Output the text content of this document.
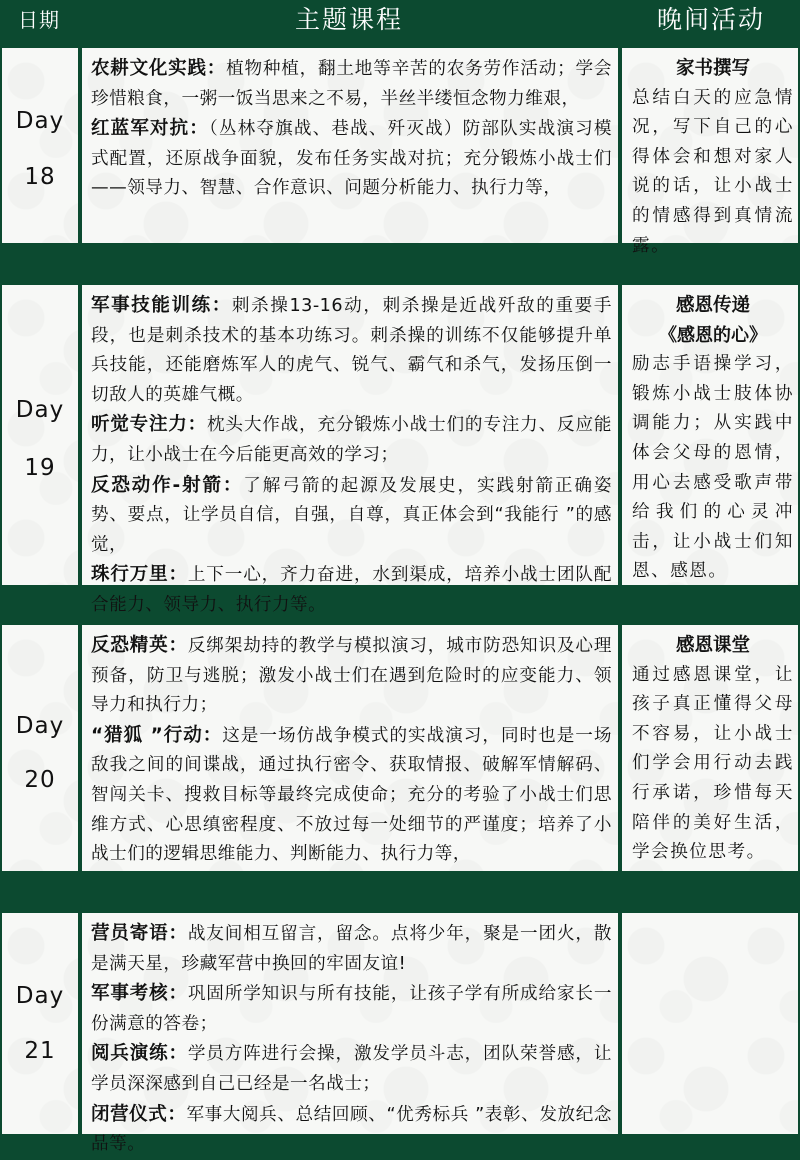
日期	主题课程	晚间活动
Day
18

农耕文化实践：植物种植，翻土地等辛苦的农务劳作活动；学会珍惜粮食，一粥一饭当思来之不易，半丝半缕恒念物力维艰，

红蓝军对抗：（丛林夺旗战、巷战、歼灭战）防部队实战演习模式配置，还原战争面貌，发布任务实战对抗；充分锻炼小战士们——领导力、智慧、合作意识、问题分析能力、执行力等，

家书撰写

总结白天的应急情况，写下自己的心得体会和想对家人说的话，让小战士的情感得到真情流露。

Day
19

军事技能训练：刺杀操13-16动，刺杀操是近战歼敌的重要手段，也是刺杀技术的基本功练习。刺杀操的训练不仅能够提升单兵技能，还能磨炼军人的虎气、锐气、霸气和杀气，发扬压倒一切敌人的英雄气概。

听觉专注力：枕头大作战，充分锻炼小战士们的专注力、反应能力，让小战士在今后能更高效的学习；

反恐动作-射箭：了解弓箭的起源及发展史，实践射箭正确姿势、要点，让学员自信，自强，自尊，真正体会到“我能行 ”的感觉，

珠行万里：上下一心，齐力奋进，水到渠成，培养小战士团队配合能力、领导力、执行力等。

感恩传递

《感恩的心》

励志手语操学习，锻炼小战士肢体协调能力；从实践中体会父母的恩情，用心去感受歌声带给我们的心灵冲击，让小战士们知恩、感恩。

Day
20

反恐精英：反绑架劫持的教学与模拟演习，城市防恐知识及心理预备，防卫与逃脱；激发小战士们在遇到危险时的应变能力、领导力和执行力；

“猎狐 ”行动：这是一场仿战争模式的实战演习，同时也是一场敌我之间的间谍战，通过执行密令、获取情报、破解军情解码、 智闯关卡、搜救目标等最终完成使命；充分的考验了小战士们思维方式、心思缜密程度、不放过每一处细节的严谨度；培养了小战士们的逻辑思维能力、判断能力、执行力等，

感恩课堂

通过感恩课堂，让孩子真正懂得父母不容易，让小战士们学会用行动去践行承诺，珍惜每天陪伴的美好生活，学会换位思考。

Day
21

营员寄语：战友间相互留言，留念。点将少年，聚是一团火，散是满天星，珍藏军营中换回的牢固友谊!

军事考核：巩固所学知识与所有技能，让孩子学有所成给家长一份满意的答卷；

阅兵演练：学员方阵进行会操，激发学员斗志，团队荣誉感，让学员深深感到自己已经是一名战士；

闭营仪式：军事大阅兵、总结回顾、“优秀标兵 ”表彰、发放纪念品等。
